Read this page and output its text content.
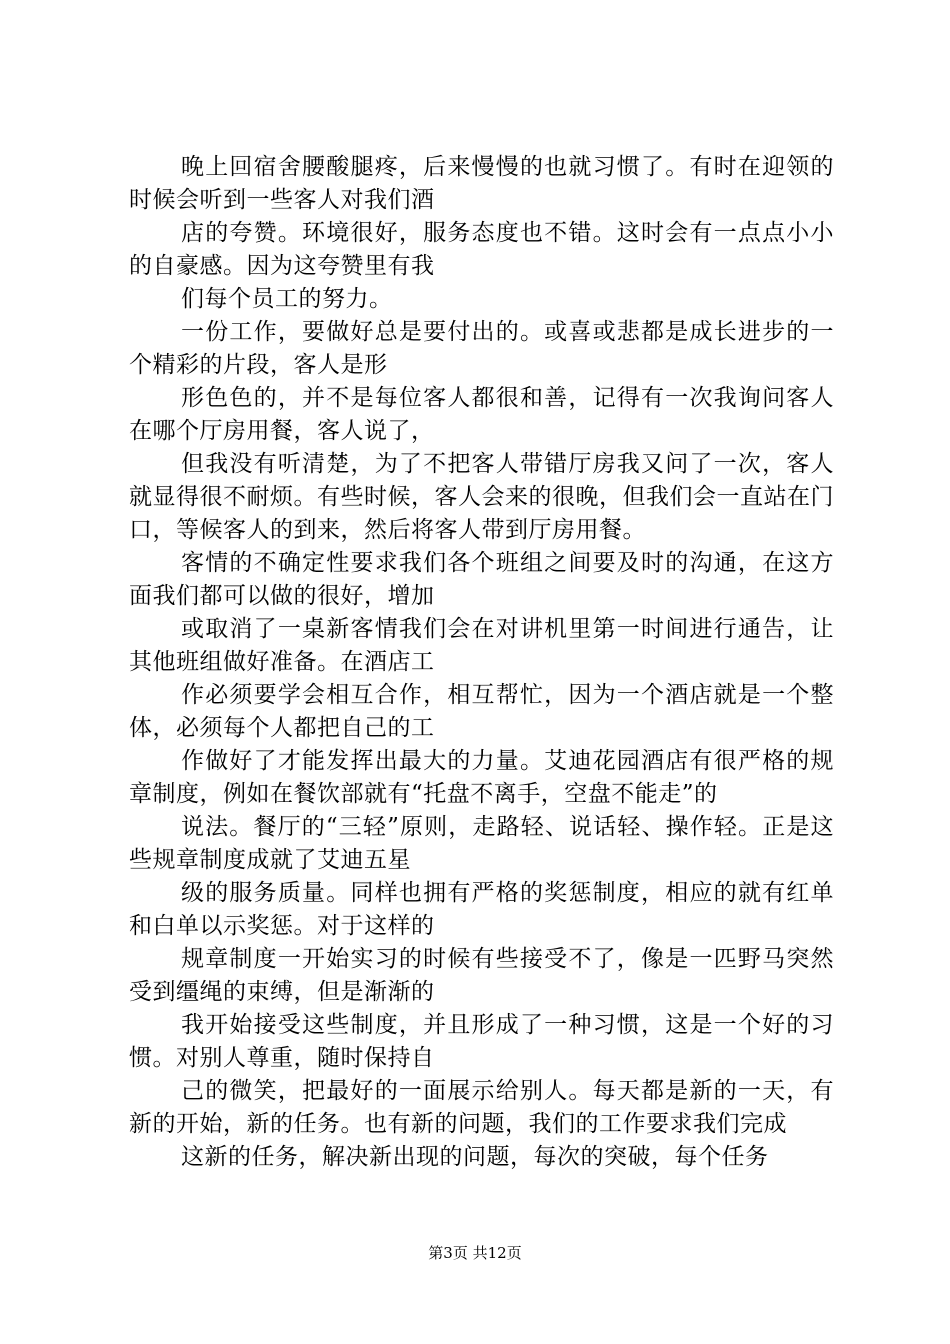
晚上回宿舍腰酸腿疼，后来慢慢的也就习惯了。有时在迎领的时候会听到一些客人对我们酒

店的夸赞。环境很好，服务态度也不错。这时会有一点点小小的自豪感。因为这夸赞里有我

们每个员工的努力。

一份工作，要做好总是要付出的。或喜或悲都是成长进步的一个精彩的片段，客人是形

形色色的，并不是每位客人都很和善，记得有一次我询问客人在哪个厅房用餐，客人说了，

但我没有听清楚，为了不把客人带错厅房我又问了一次，客人就显得很不耐烦。有些时候，客人会来的很晚，但我们会一直站在门口，等候客人的到来，然后将客人带到厅房用餐。

客情的不确定性要求我们各个班组之间要及时的沟通，在这方面我们都可以做的很好，增加

或取消了一桌新客情我们会在对讲机里第一时间进行通告，让其他班组做好准备。在酒店工

作必须要学会相互合作，相互帮忙，因为一个酒店就是一个整体，必须每个人都把自己的工

作做好了才能发挥出最大的力量。艾迪花园酒店有很严格的规章制度，例如在餐饮部就有“托盘不离手，空盘不能走”的

说法。餐厅的“三轻”原则，走路轻、说话轻、操作轻。正是这些规章制度成就了艾迪五星

级的服务质量。同样也拥有严格的奖惩制度，相应的就有红单和白单以示奖惩。对于这样的

规章制度一开始实习的时候有些接受不了，像是一匹野马突然受到缰绳的束缚，但是渐渐的

我开始接受这些制度，并且形成了一种习惯，这是一个好的习惯。对别人尊重，随时保持自

己的微笑，把最好的一面展示给别人。每天都是新的一天，有新的开始，新的任务。也有新的问题，我们的工作要求我们完成

这新的任务，解决新出现的问题，每次的突破，每个任务

第3页 共12页
